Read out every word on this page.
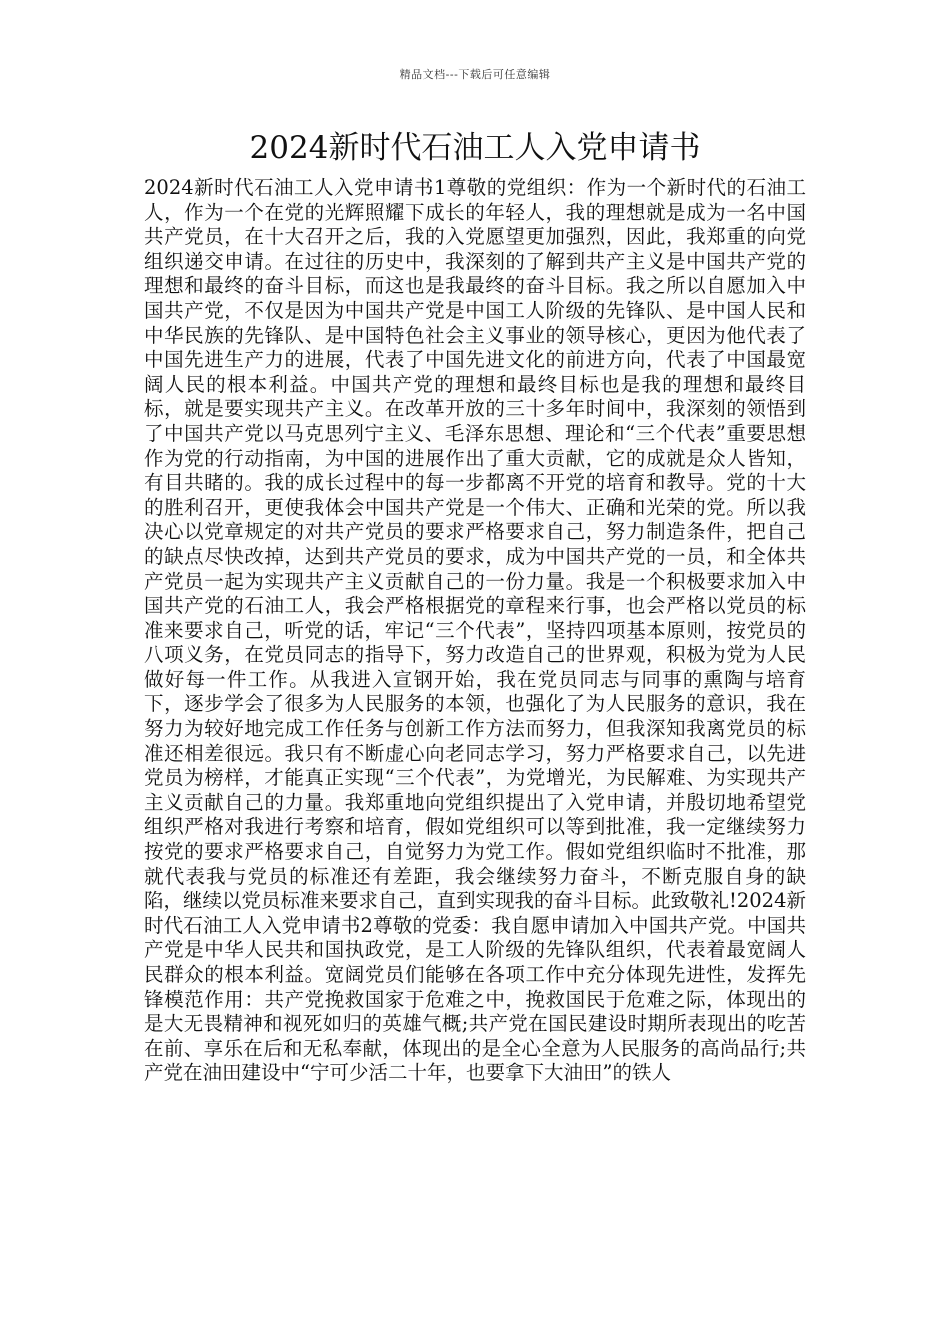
精品文档---下载后可任意编辑
2024新时代石油工人入党申请书

2024新时代石油工人入党申请书1尊敬的党组织：作为一个新时代的石油工人，作为一个在党的光辉照耀下成长的年轻人，我的理想就是成为一名中国共产党员，在十大召开之后，我的入党愿望更加强烈，因此，我郑重的向党组织递交申请。在过往的历史中，我深刻的了解到共产主义是中国共产党的理想和最终的奋斗目标，而这也是我最终的奋斗目标。我之所以自愿加入中国共产党，不仅是因为中国共产党是中国工人阶级的先锋队、是中国人民和中华民族的先锋队、是中国特色社会主义事业的领导核心，更因为他代表了中国先进生产力的进展，代表了中国先进文化的前进方向，代表了中国最宽阔人民的根本利益。中国共产党的理想和最终目标也是我的理想和最终目标，就是要实现共产主义。在改革开放的三十多年时间中，我深刻的领悟到了中国共产党以马克思列宁主义、毛泽东思想、理论和“三个代表”重要思想作为党的行动指南，为中国的进展作出了重大贡献，它的成就是众人皆知，有目共睹的。我的成长过程中的每一步都离不开党的培育和教导。党的十大的胜利召开，更使我体会中国共产党是一个伟大、正确和光荣的党。所以我决心以党章规定的对共产党员的要求严格要求自己，努力制造条件，把自己的缺点尽快改掉，达到共产党员的要求，成为中国共产党的一员，和全体共产党员一起为实现共产主义贡献自己的一份力量。我是一个积极要求加入中国共产党的石油工人，我会严格根据党的章程来行事，也会严格以党员的标准来要求自己，听党的话，牢记“三个代表”，坚持四项基本原则，按党员的八项义务，在党员同志的指导下，努力改造自己的世界观，积极为党为人民做好每一件工作。从我进入宣钢开始，我在党员同志与同事的熏陶与培育下，逐步学会了很多为人民服务的本领，也强化了为人民服务的意识，我在努力为较好地完成工作任务与创新工作方法而努力，但我深知我离党员的标准还相差很远。我只有不断虚心向老同志学习，努力严格要求自己，以先进党员为榜样，才能真正实现“三个代表”，为党增光，为民解难、为实现共产主义贡献自己的力量。我郑重地向党组织提出了入党申请，并殷切地希望党组织严格对我进行考察和培育，假如党组织可以等到批准，我一定继续努力按党的要求严格要求自己，自觉努力为党工作。假如党组织临时不批准，那就代表我与党员的标准还有差距，我会继续努力奋斗，不断克服自身的缺陷，继续以党员标准来要求自己，直到实现我的奋斗目标。此致敬礼!2024新时代石油工人入党申请书2尊敬的党委：我自愿申请加入中国共产党。中国共产党是中华人民共和国执政党，是工人阶级的先锋队组织，代表着最宽阔人民群众的根本利益。宽阔党员们能够在各项工作中充分体现先进性，发挥先锋模范作用：共产党挽救国家于危难之中，挽救国民于危难之际，体现出的是大无畏精神和视死如归的英雄气概;共产党在国民建设时期所表现出的吃苦在前、享乐在后和无私奉献，体现出的是全心全意为人民服务的高尚品行;共产党在油田建设中“宁可少活二十年，也要拿下大油田”的铁人
